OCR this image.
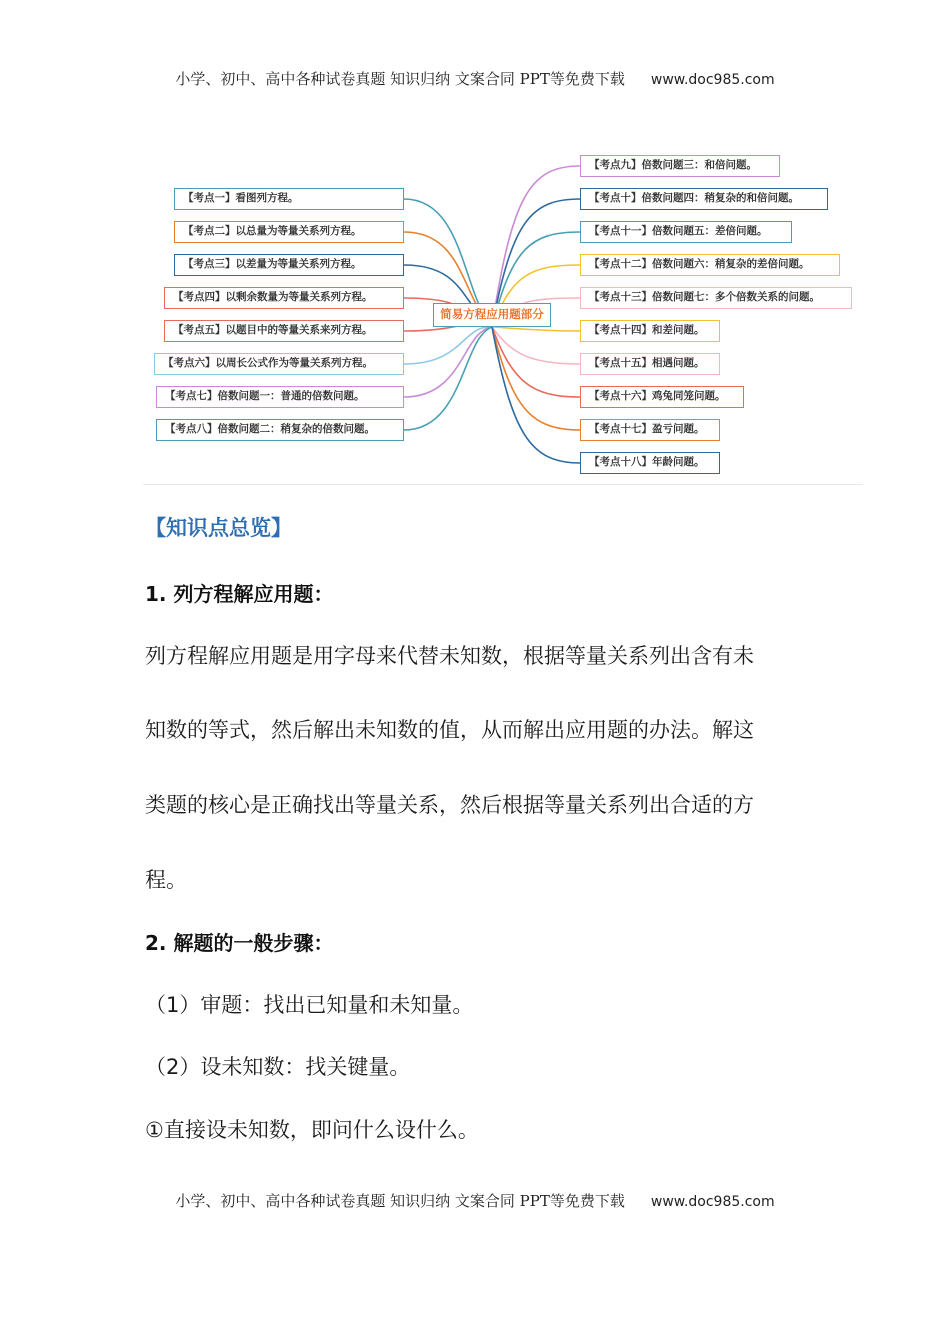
小学、初中、高中各种试卷真题 知识归纳 文案合同 PPT等免费下载 www.doc985.com
【考点一】看图列方程。
【考点二】以总量为等量关系列方程。
【考点三】以差量为等量关系列方程。
【考点四】以剩余数量为等量关系列方程。
【考点五】以题目中的等量关系来列方程。
【考点六】以周长公式作为等量关系列方程。
【考点七】倍数问题一：普通的倍数问题。
【考点八】倍数问题二：稍复杂的倍数问题。
【考点九】倍数问题三：和倍问题。
【考点十】倍数问题四：稍复杂的和倍问题。
【考点十一】倍数问题五：差倍问题。
【考点十二】倍数问题六：稍复杂的差倍问题。
【考点十三】倍数问题七：多个倍数关系的问题。
【考点十四】和差问题。
【考点十五】相遇问题。
【考点十六】鸡兔同笼问题。
【考点十七】盈亏问题。
【考点十八】年龄问题。
简易方程应用题部分
【知识点总览】
1. 列方程解应用题：
列方程解应用题是用字母来代替未知数，根据等量关系列出含有未
知数的等式，然后解出未知数的值，从而解出应用题的办法。解这
类题的核心是正确找出等量关系，然后根据等量关系列出合适的方
程。
2. 解题的一般步骤：
（1）审题：找出已知量和未知量。
（2）设未知数：找关键量。
①直接设未知数，即问什么设什么。
小学、初中、高中各种试卷真题 知识归纳 文案合同 PPT等免费下载 www.doc985.com
